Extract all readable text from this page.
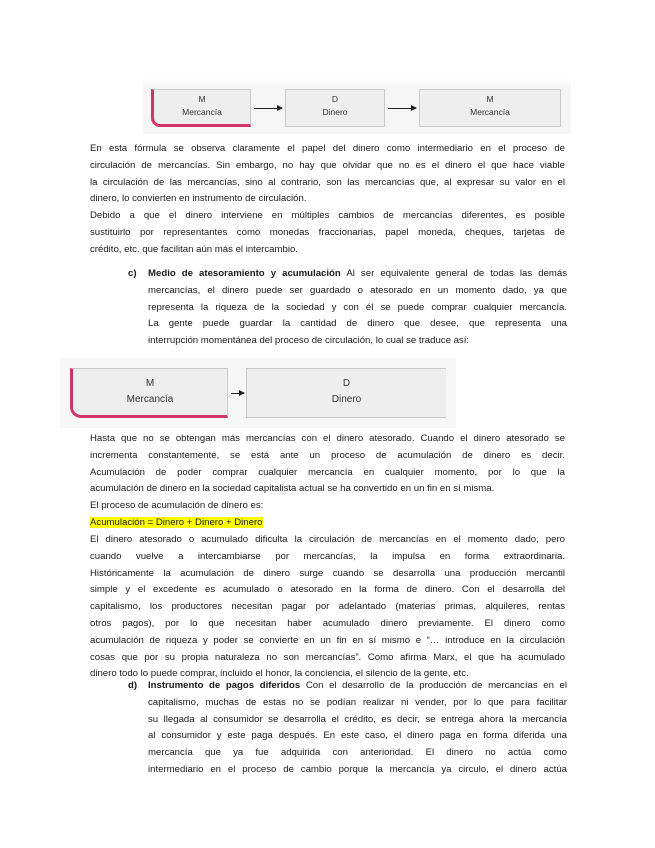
M
Mercancía
D
Dinero
M
Mercancía
En esta fórmula se observa claramente el papel del dinero como intermediario en el proceso de
circulación de mercancías. Sin embargo, no hay que olvidar que no es el dinero el que hace viable
la circulación de las mercancías, sino al contrario, son las mercancías que, al expresar su valor en el
dinero, lo convierten en instrumento de circulación.
Debido a que el dinero interviene en múltiples cambios de mercancías diferentes, es posible
sustituirlo por representantes como monedas fraccionarias, papel moneda, cheques, tarjetas de
crédito, etc. que facilitan aún más el intercambio.
c) Medio de atesoramiento y acumulación Al ser equivalente general de todas las demás
mercancías, el dinero puede ser guardado o atesorado en un momento dado, ya que
representa la riqueza de la sociedad y con él se puede comprar cualquier mercancía.
La gente puede guardar la cantidad de dinero que desee, que representa una
interrupción momentánea del proceso de circulación, lo cual se traduce así:
M
Mercancía
D
Dinero
Hasta que no se obtengan más mercancías con el dinero atesorado. Cuando el dinero atesorado se
incrementa constantemente, se está ante un proceso de acumulación de dinero es decir.
Acumulación de poder comprar cualquier mercancía en cualquier momento, por lo que la
acumulación de dinero en la sociedad capitalista actual se ha convertido en un fin en sí misma.
El proceso de acumulación de dinero es:
Acumulación = Dinero + Dinero + Dinero
El dinero atesorado o acumulado dificulta la circulación de mercancías en el momento dado, pero
cuando vuelve a intercambiarse por mercancías, la impulsa en forma extraordinaria.
Históricamente la acumulación de dinero surge cuando se desarrolla una producción mercantil
simple y el excedente es acumulado o atesorado en la forma de dinero. Con el desarrolla del
capitalismo, los productores necesitan pagar por adelantado (materias primas, alquileres, rentas
otros pagos), por lo que necesitan haber acumulado dinero previamente. El dinero como
acumulación de riqueza y poder se convierte en un fin en sí mismo e “… introduce en la circulación
cosas que por su propia naturaleza no son mercancías”. Como afirma Marx, el que ha acumulado
dinero todo lo puede comprar, incluido el honor, la conciencia, el silencio de la gente, etc.
d) Instrumento de pagos diferidos Con el desarrollo de la producción de mercancías en el
capitalismo, muchas de estas no se podían realizar ni vender, por lo que para facilitar
su llegada al consumidor se desarrolla el crédito, es decir, se entrega ahora la mercancía
al consumidor y este paga después. En este caso, el dinero paga en forma diferida una
mercancía que ya fue adquirida con anterioridad. El dinero no actúa como
intermediario en el proceso de cambio porque la mercancía ya circulo, el dinero actúa
